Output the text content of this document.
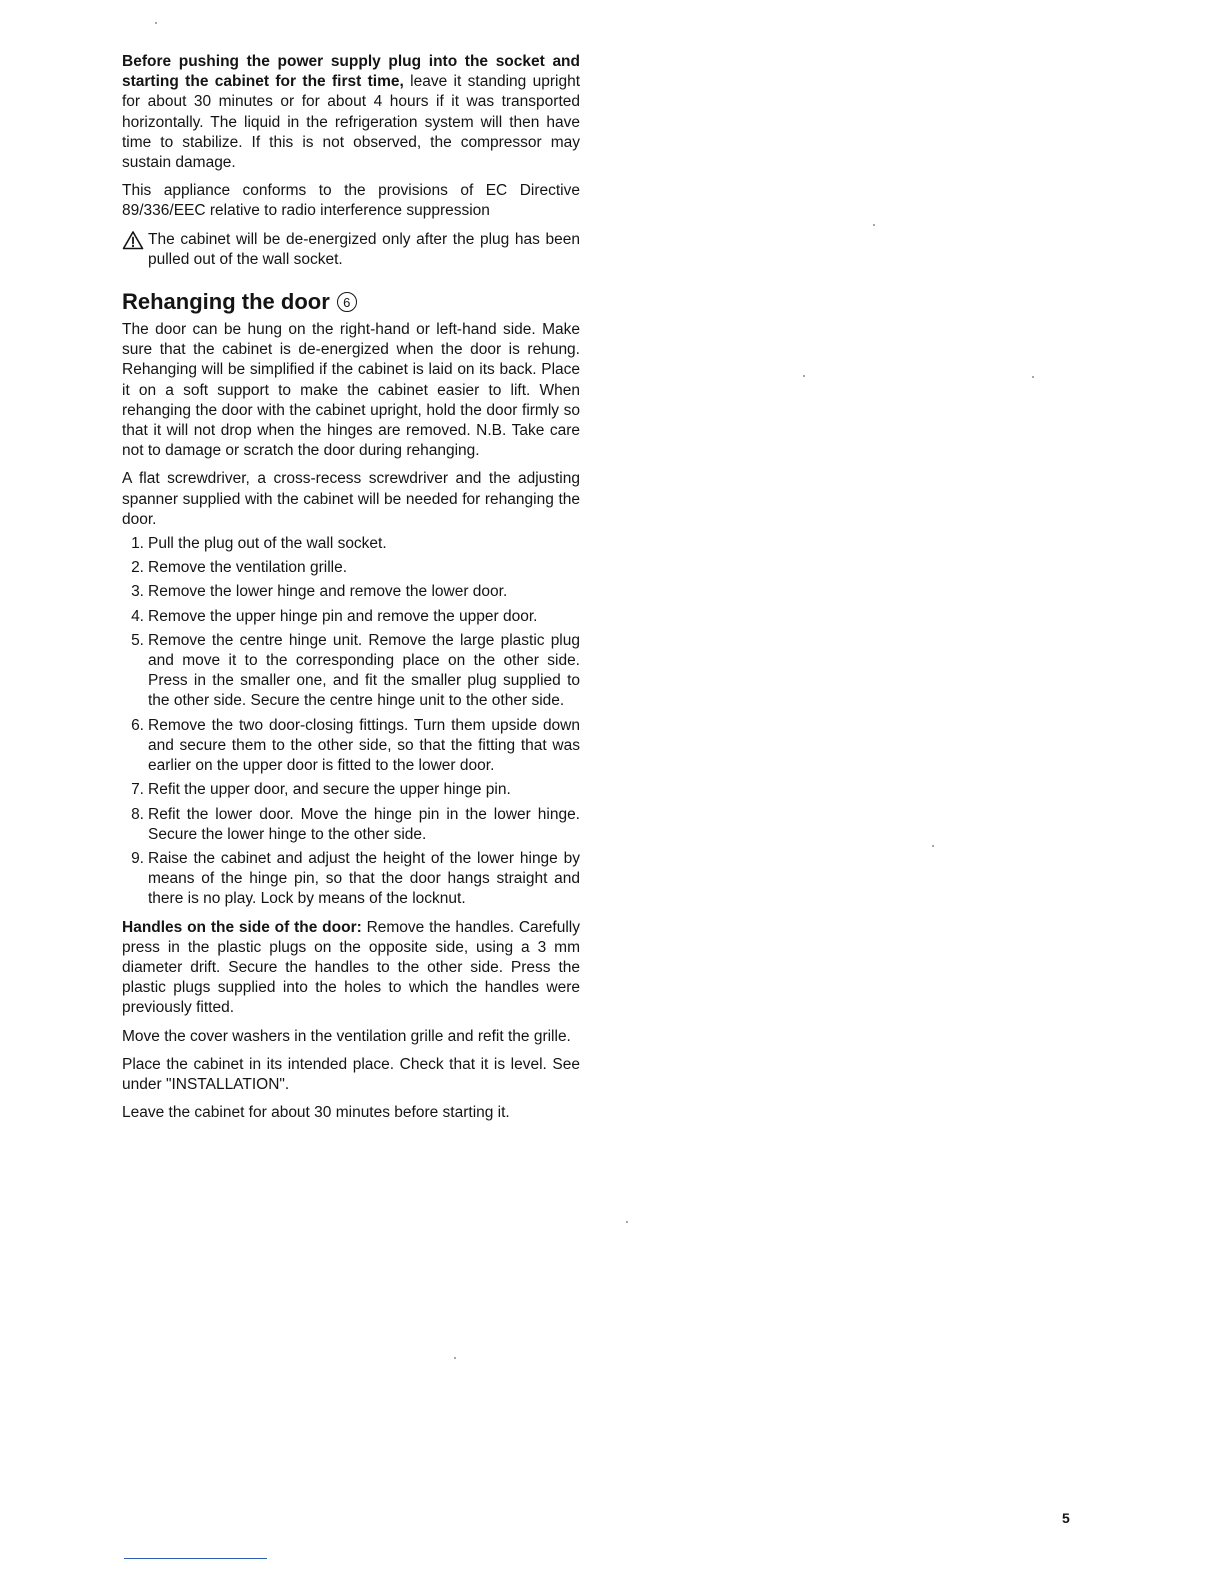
Before pushing the power supply plug into the socket and starting the cabinet for the first time, leave it standing upright for about 30 minutes or for about 4 hours if it was transported horizontally. The liquid in the refrigeration system will then have time to stabilize. If this is not observed, the compressor may sustain damage.

This appliance conforms to the provisions of EC Directive 89/336/EEC relative to radio interference suppression

The cabinet will be de-energized only after the plug has been pulled out of the wall socket.
Rehanging the door	6

The door can be hung on the right-hand or left-hand side. Make sure that the cabinet is de-energized when the door is rehung. Rehanging will be simplified if the cabinet is laid on its back. Place it on a soft support to make the cabinet easier to lift. When rehanging the door with the cabinet upright, hold the door firmly so that it will not drop when the hinges are removed. N.B. Take care not to damage or scratch the door during rehanging.

A flat screwdriver, a cross-recess screwdriver and the adjusting spanner supplied with the cabinet will be needed for rehanging the door.

1. Pull the plug out of the wall socket.
2. Remove the ventilation grille.
3. Remove the lower hinge and remove the lower door.
4. Remove the upper hinge pin and remove the upper door.
5. Remove the centre hinge unit. Remove the large plastic plug and move it to the corresponding place on the other side. Press in the smaller one, and fit the smaller plug supplied to the other side. Secure the centre hinge unit to the other side.
6. Remove the two door-closing fittings. Turn them upside down and secure them to the other side, so that the fitting that was earlier on the upper door is fitted to the lower door.
7. Refit the upper door, and secure the upper hinge pin.
8. Refit the lower door. Move the hinge pin in the lower hinge. Secure the lower hinge to the other side.
9. Raise the cabinet and adjust the height of the lower hinge by means of the hinge pin, so that the door hangs straight and there is no play. Lock by means of the locknut.

Handles on the side of the door: Remove the handles. Carefully press in the plastic plugs on the opposite side, using a 3 mm diameter drift. Secure the handles to the other side. Press the plastic plugs supplied into the holes to which the handles were previously fitted.

Move the cover washers in the ventilation grille and refit the grille.

Place the cabinet in its intended place. Check that it is level. See under "INSTALLATION".

Leave the cabinet for about 30 minutes before starting it.

5
